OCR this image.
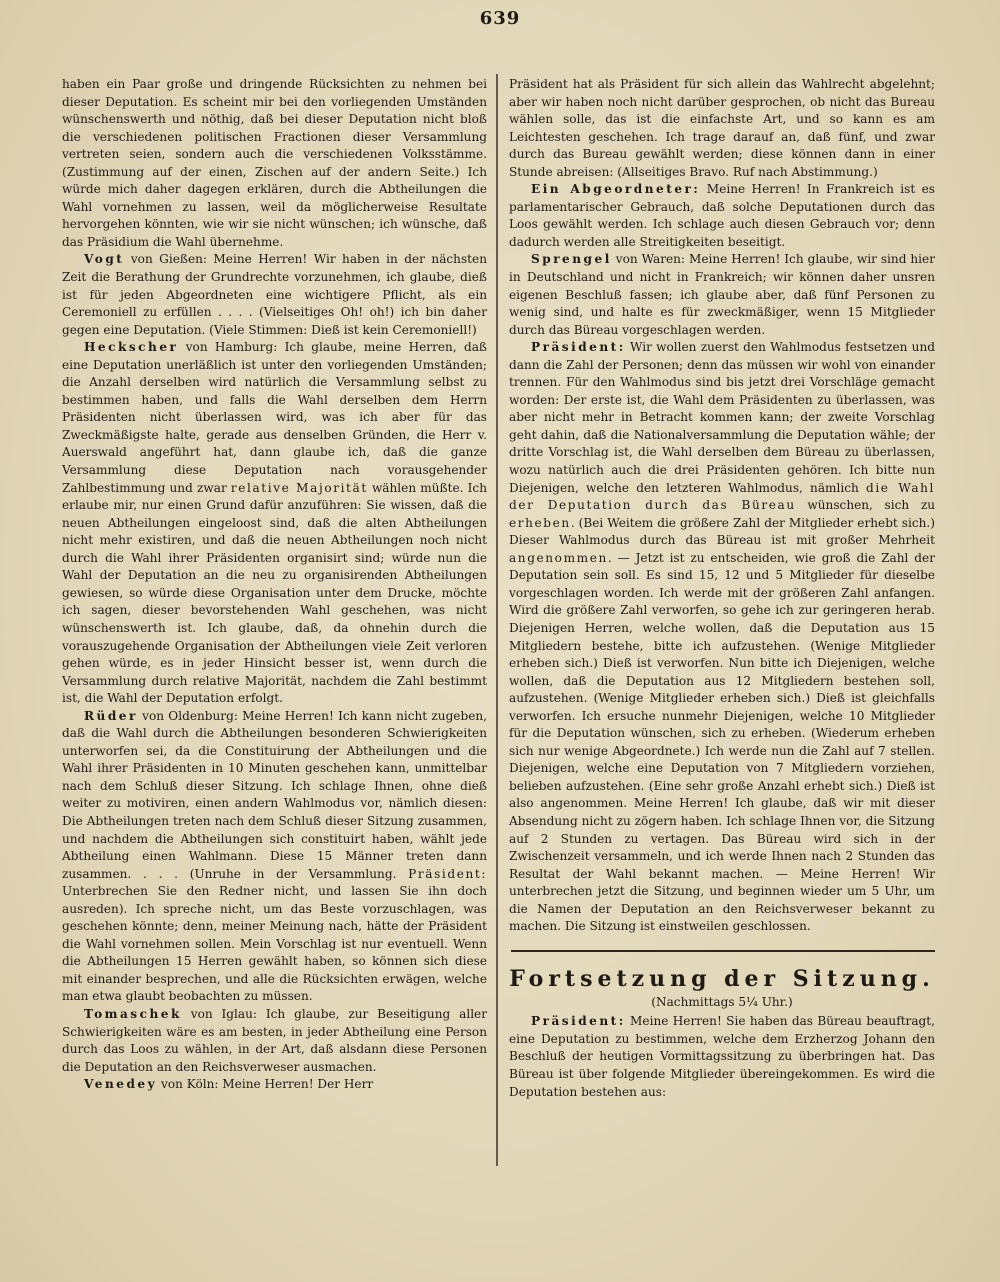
639

haben ein Paar große und dringende Rücksichten zu nehmen bei dieser Deputation. Es scheint mir bei den vorliegenden Umständen wünschenswerth und nöthig, daß bei dieser Deputation nicht bloß die verschiedenen politischen Fractionen dieser Versammlung vertreten seien, sondern auch die verschiedenen Volksstämme. (Zustimmung auf der einen, Zischen auf der andern Seite.) Ich würde mich daher dagegen erklären, durch die Abtheilungen die Wahl vornehmen zu lassen, weil da möglicherweise Resultate hervorgehen könnten, wie wir sie nicht wünschen; ich wünsche, daß das Präsidium die Wahl übernehme.

Vogt von Gießen: Meine Herren! Wir haben in der nächsten Zeit die Berathung der Grundrechte vorzunehmen, ich glaube, dieß ist für jeden Abgeordneten eine wichtigere Pflicht, als ein Ceremoniell zu erfüllen . . . . (Vielseitiges Oh! oh!) ich bin daher gegen eine Deputation. (Viele Stimmen: Dieß ist kein Ceremoniell!)

Heckscher von Hamburg: Ich glaube, meine Herren, daß eine Deputation unerläßlich ist unter den vorliegenden Umständen; die Anzahl derselben wird natürlich die Versammlung selbst zu bestimmen haben, und falls die Wahl derselben dem Herrn Präsidenten nicht überlassen wird, was ich aber für das Zweckmäßigste halte, gerade aus denselben Gründen, die Herr v. Auerswald angeführt hat, dann glaube ich, daß die ganze Versammlung diese Deputation nach vorausgehender Zahlbestimmung und zwar relative Majorität wählen müßte. Ich erlaube mir, nur einen Grund dafür anzuführen: Sie wissen, daß die neuen Abtheilungen eingeloost sind, daß die alten Abtheilungen nicht mehr existiren, und daß die neuen Abtheilungen noch nicht durch die Wahl ihrer Präsidenten organisirt sind; würde nun die Wahl der Deputation an die neu zu organisirenden Abtheilungen gewiesen, so würde diese Organisation unter dem Drucke, möchte ich sagen, dieser bevorstehenden Wahl geschehen, was nicht wünschenswerth ist. Ich glaube, daß, da ohnehin durch die vorauszugehende Organisation der Abtheilungen viele Zeit verloren gehen würde, es in jeder Hinsicht besser ist, wenn durch die Versammlung durch relative Majorität, nachdem die Zahl bestimmt ist, die Wahl der Deputation erfolgt.

Rüder von Oldenburg: Meine Herren! Ich kann nicht zugeben, daß die Wahl durch die Abtheilungen besonderen Schwierigkeiten unterworfen sei, da die Constituirung der Abtheilungen und die Wahl ihrer Präsidenten in 10 Minuten geschehen kann, unmittelbar nach dem Schluß dieser Sitzung. Ich schlage Ihnen, ohne dieß weiter zu motiviren, einen andern Wahlmodus vor, nämlich diesen: Die Abtheilungen treten nach dem Schluß dieser Sitzung zusammen, und nachdem die Abtheilungen sich constituirt haben, wählt jede Abtheilung einen Wahlmann. Diese 15 Männer treten dann zusammen. . . . (Unruhe in der Versammlung. Präsident: Unterbrechen Sie den Redner nicht, und lassen Sie ihn doch ausreden). Ich spreche nicht, um das Beste vorzuschlagen, was geschehen könnte; denn, meiner Meinung nach, hätte der Präsident die Wahl vornehmen sollen. Mein Vorschlag ist nur eventuell. Wenn die Abtheilungen 15 Herren gewählt haben, so können sich diese mit einander besprechen, und alle die Rücksichten erwägen, welche man etwa glaubt beobachten zu müssen.

Tomaschek von Iglau: Ich glaube, zur Beseitigung aller Schwierigkeiten wäre es am besten, in jeder Abtheilung eine Person durch das Loos zu wählen, in der Art, daß alsdann diese Personen die Deputation an den Reichsverweser ausmachen.

Venedey von Köln: Meine Herren! Der Herr

Präsident hat als Präsident für sich allein das Wahlrecht abgelehnt; aber wir haben noch nicht darüber gesprochen, ob nicht das Bureau wählen solle, das ist die einfachste Art, und so kann es am Leichtesten geschehen. Ich trage darauf an, daß fünf, und zwar durch das Bureau gewählt werden; diese können dann in einer Stunde abreisen: (Allseitiges Bravo. Ruf nach Abstimmung.)

Ein Abgeordneter: Meine Herren! In Frankreich ist es parlamentarischer Gebrauch, daß solche Deputationen durch das Loos gewählt werden. Ich schlage auch diesen Gebrauch vor; denn dadurch werden alle Streitigkeiten beseitigt.

Sprengel von Waren: Meine Herren! Ich glaube, wir sind hier in Deutschland und nicht in Frankreich; wir können daher unsren eigenen Beschluß fassen; ich glaube aber, daß fünf Personen zu wenig sind, und halte es für zweckmäßiger, wenn 15 Mitglieder durch das Büreau vorgeschlagen werden.

Präsident: Wir wollen zuerst den Wahlmodus festsetzen und dann die Zahl der Personen; denn das müssen wir wohl von einander trennen. Für den Wahlmodus sind bis jetzt drei Vorschläge gemacht worden: Der erste ist, die Wahl dem Präsidenten zu überlassen, was aber nicht mehr in Betracht kommen kann; der zweite Vorschlag geht dahin, daß die Nationalversammlung die Deputation wähle; der dritte Vorschlag ist, die Wahl derselben dem Büreau zu überlassen, wozu natürlich auch die drei Präsidenten gehören. Ich bitte nun Diejenigen, welche den letzteren Wahlmodus, nämlich die Wahl der Deputation durch das Büreau wünschen, sich zu erheben. (Bei Weitem die größere Zahl der Mitglieder erhebt sich.) Dieser Wahlmodus durch das Büreau ist mit großer Mehrheit angenommen. — Jetzt ist zu entscheiden, wie groß die Zahl der Deputation sein soll. Es sind 15, 12 und 5 Mitglieder für dieselbe vorgeschlagen worden. Ich werde mit der größeren Zahl anfangen. Wird die größere Zahl verworfen, so gehe ich zur geringeren herab. Diejenigen Herren, welche wollen, daß die Deputation aus 15 Mitgliedern bestehe, bitte ich aufzustehen. (Wenige Mitglieder erheben sich.) Dieß ist verworfen. Nun bitte ich Diejenigen, welche wollen, daß die Deputation aus 12 Mitgliedern bestehen soll, aufzustehen. (Wenige Mitglieder erheben sich.) Dieß ist gleichfalls verworfen. Ich ersuche nunmehr Diejenigen, welche 10 Mitglieder für die Deputation wünschen, sich zu erheben. (Wiederum erheben sich nur wenige Abgeordnete.) Ich werde nun die Zahl auf 7 stellen. Diejenigen, welche eine Deputation von 7 Mitgliedern vorziehen, belieben aufzustehen. (Eine sehr große Anzahl erhebt sich.) Dieß ist also angenommen. Meine Herren! Ich glaube, daß wir mit dieser Absendung nicht zu zögern haben. Ich schlage Ihnen vor, die Sitzung auf 2 Stunden zu vertagen. Das Büreau wird sich in der Zwischenzeit versammeln, und ich werde Ihnen nach 2 Stunden das Resultat der Wahl bekannt machen. — Meine Herren! Wir unterbrechen jetzt die Sitzung, und beginnen wieder um 5 Uhr, um die Namen der Deputation an den Reichsverweser bekannt zu machen. Die Sitzung ist einstweilen geschlossen.

Fortsetzung der Sitzung.
(Nachmittags 5¼ Uhr.)

Präsident: Meine Herren! Sie haben das Büreau beauftragt, eine Deputation zu bestimmen, welche dem Erzherzog Johann den Beschluß der heutigen Vormittagssitzung zu überbringen hat. Das Büreau ist über folgende Mitglieder übereingekommen. Es wird die Deputation bestehen aus:
